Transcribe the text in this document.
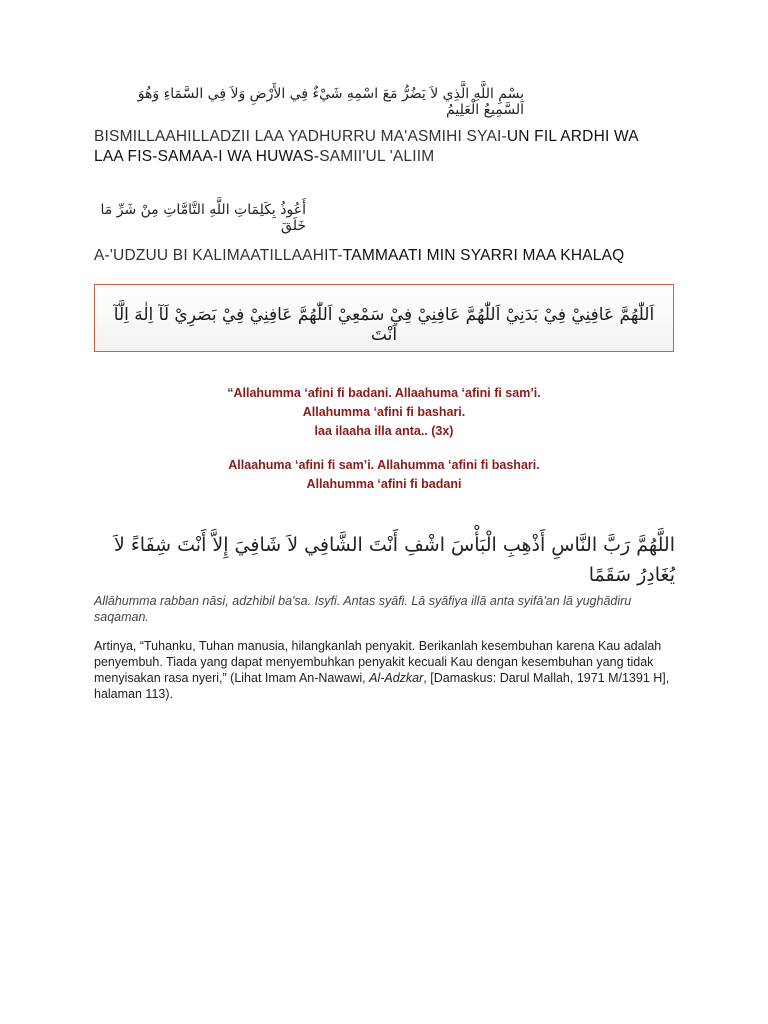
بِسْمِ اللَّهِ الَّذِي لاَ يَضُرُّ مَعَ اسْمِهِ شَيْءٌ فِي الأَرْضِ وَلاَ فِي السَّمَاءِ وَهُوَ السَّمِيعُ الْعَلِيمُ
BISMILLAAHILLADZII LAA YADHURRU MA'ASMIHI SYAI-UN FIL ARDHI WA LAA FIS-SAMAA-I WA HUWAS-SAMII'UL 'ALIIM
أَعُوذُ بِكَلِمَاتِ اللَّهِ التَّامَّاتِ مِنْ شَرِّ مَا خَلَقَ
A-'UDZUU BI KALIMAATILLAAHIT-TAMMAATI MIN SYARRI MAA KHALAQ
اَللّٰهُمَّ عَافِنِيْ فِيْ بَدَنِيْ اَللّٰهُمَّ عَافِنِيْ فِيْ سَمْعِيْ اَللّٰهُمَّ عَافِنِيْ فِيْ بَصَرِيْ لَآ اِلٰهَ اِلَّآ اَنْتَ
“Allahumma ‘afini fi badani. Allaahuma ‘afini fi sam’i.
Allahumma ‘afini fi bashari.
laa ilaaha illa anta.. (3x)
Allaahuma ‘afini fi sam’i. Allahumma ‘afini fi bashari.
Allahumma ‘afini fi badani
اللَّهُمَّ رَبَّ النَّاسِ أَذْهِبِ الْبَأْسَ اشْفِ أَنْتَ الشَّافِي لاَ شَافِيَ إِلاَّ أَنْتَ شِفَاءً لاَ يُغَادِرُ سَقَمًا
Allāhumma rabban nāsi, adzhibil ba'sa. Isyfi. Antas syāfi. Lā syāfiya illā anta syifā'an lā yughādiru saqaman.
Artinya, “Tuhanku, Tuhan manusia, hilangkanlah penyakit. Berikanlah kesembuhan karena Kau adalah penyembuh. Tiada yang dapat menyembuhkan penyakit kecuali Kau dengan kesembuhan yang tidak menyisakan rasa nyeri,” (Lihat Imam An-Nawawi, Al-Adzkar, [Damaskus: Darul Mallah, 1971 M/1391 H], halaman 113).
